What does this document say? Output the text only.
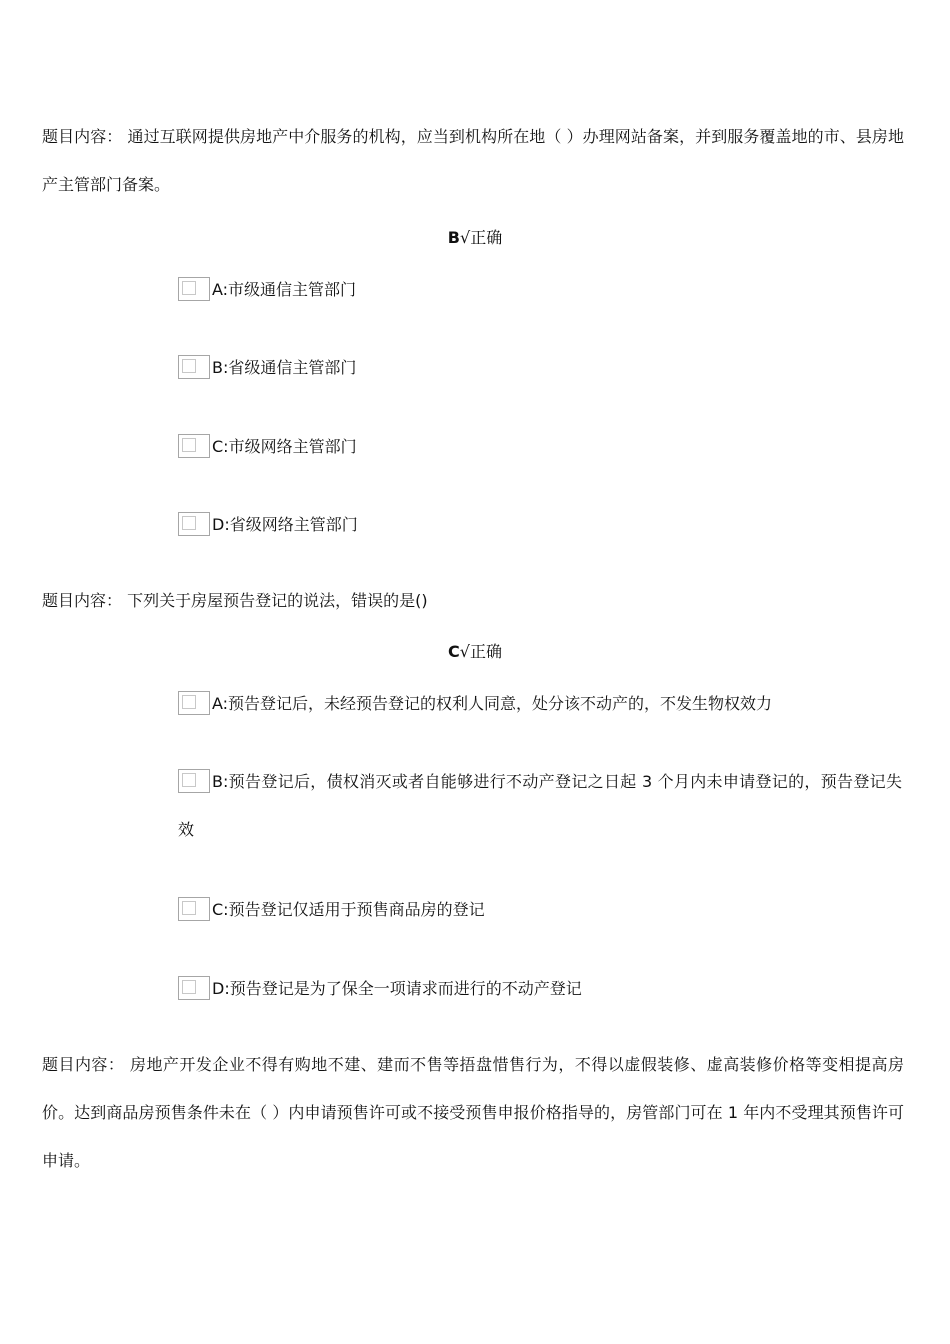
题目内容： 通过互联网提供房地产中介服务的机构，应当到机构所在地（ ）办理网站备案，并到服务覆盖地的市、县房地产主管部门备案。

B√正确
A:市级通信主管部门
B:省级通信主管部门
C:市级网络主管部门
D:省级网络主管部门

题目内容： 下列关于房屋预告登记的说法，错误的是()

C√正确
A:预告登记后，未经预告登记的权利人同意，处分该不动产的，不发生物权效力
B:预告登记后，债权消灭或者自能够进行不动产登记之日起 3 个月内未申请登记的，预告登记失效
C:预告登记仅适用于预售商品房的登记
D:预告登记是为了保全一项请求而进行的不动产登记

题目内容： 房地产开发企业不得有购地不建、建而不售等捂盘惜售行为，不得以虚假装修、虚高装修价格等变相提高房价。达到商品房预售条件未在（ ）内申请预售许可或不接受预售申报价格指导的，房管部门可在 1 年内不受理其预售许可申请。
